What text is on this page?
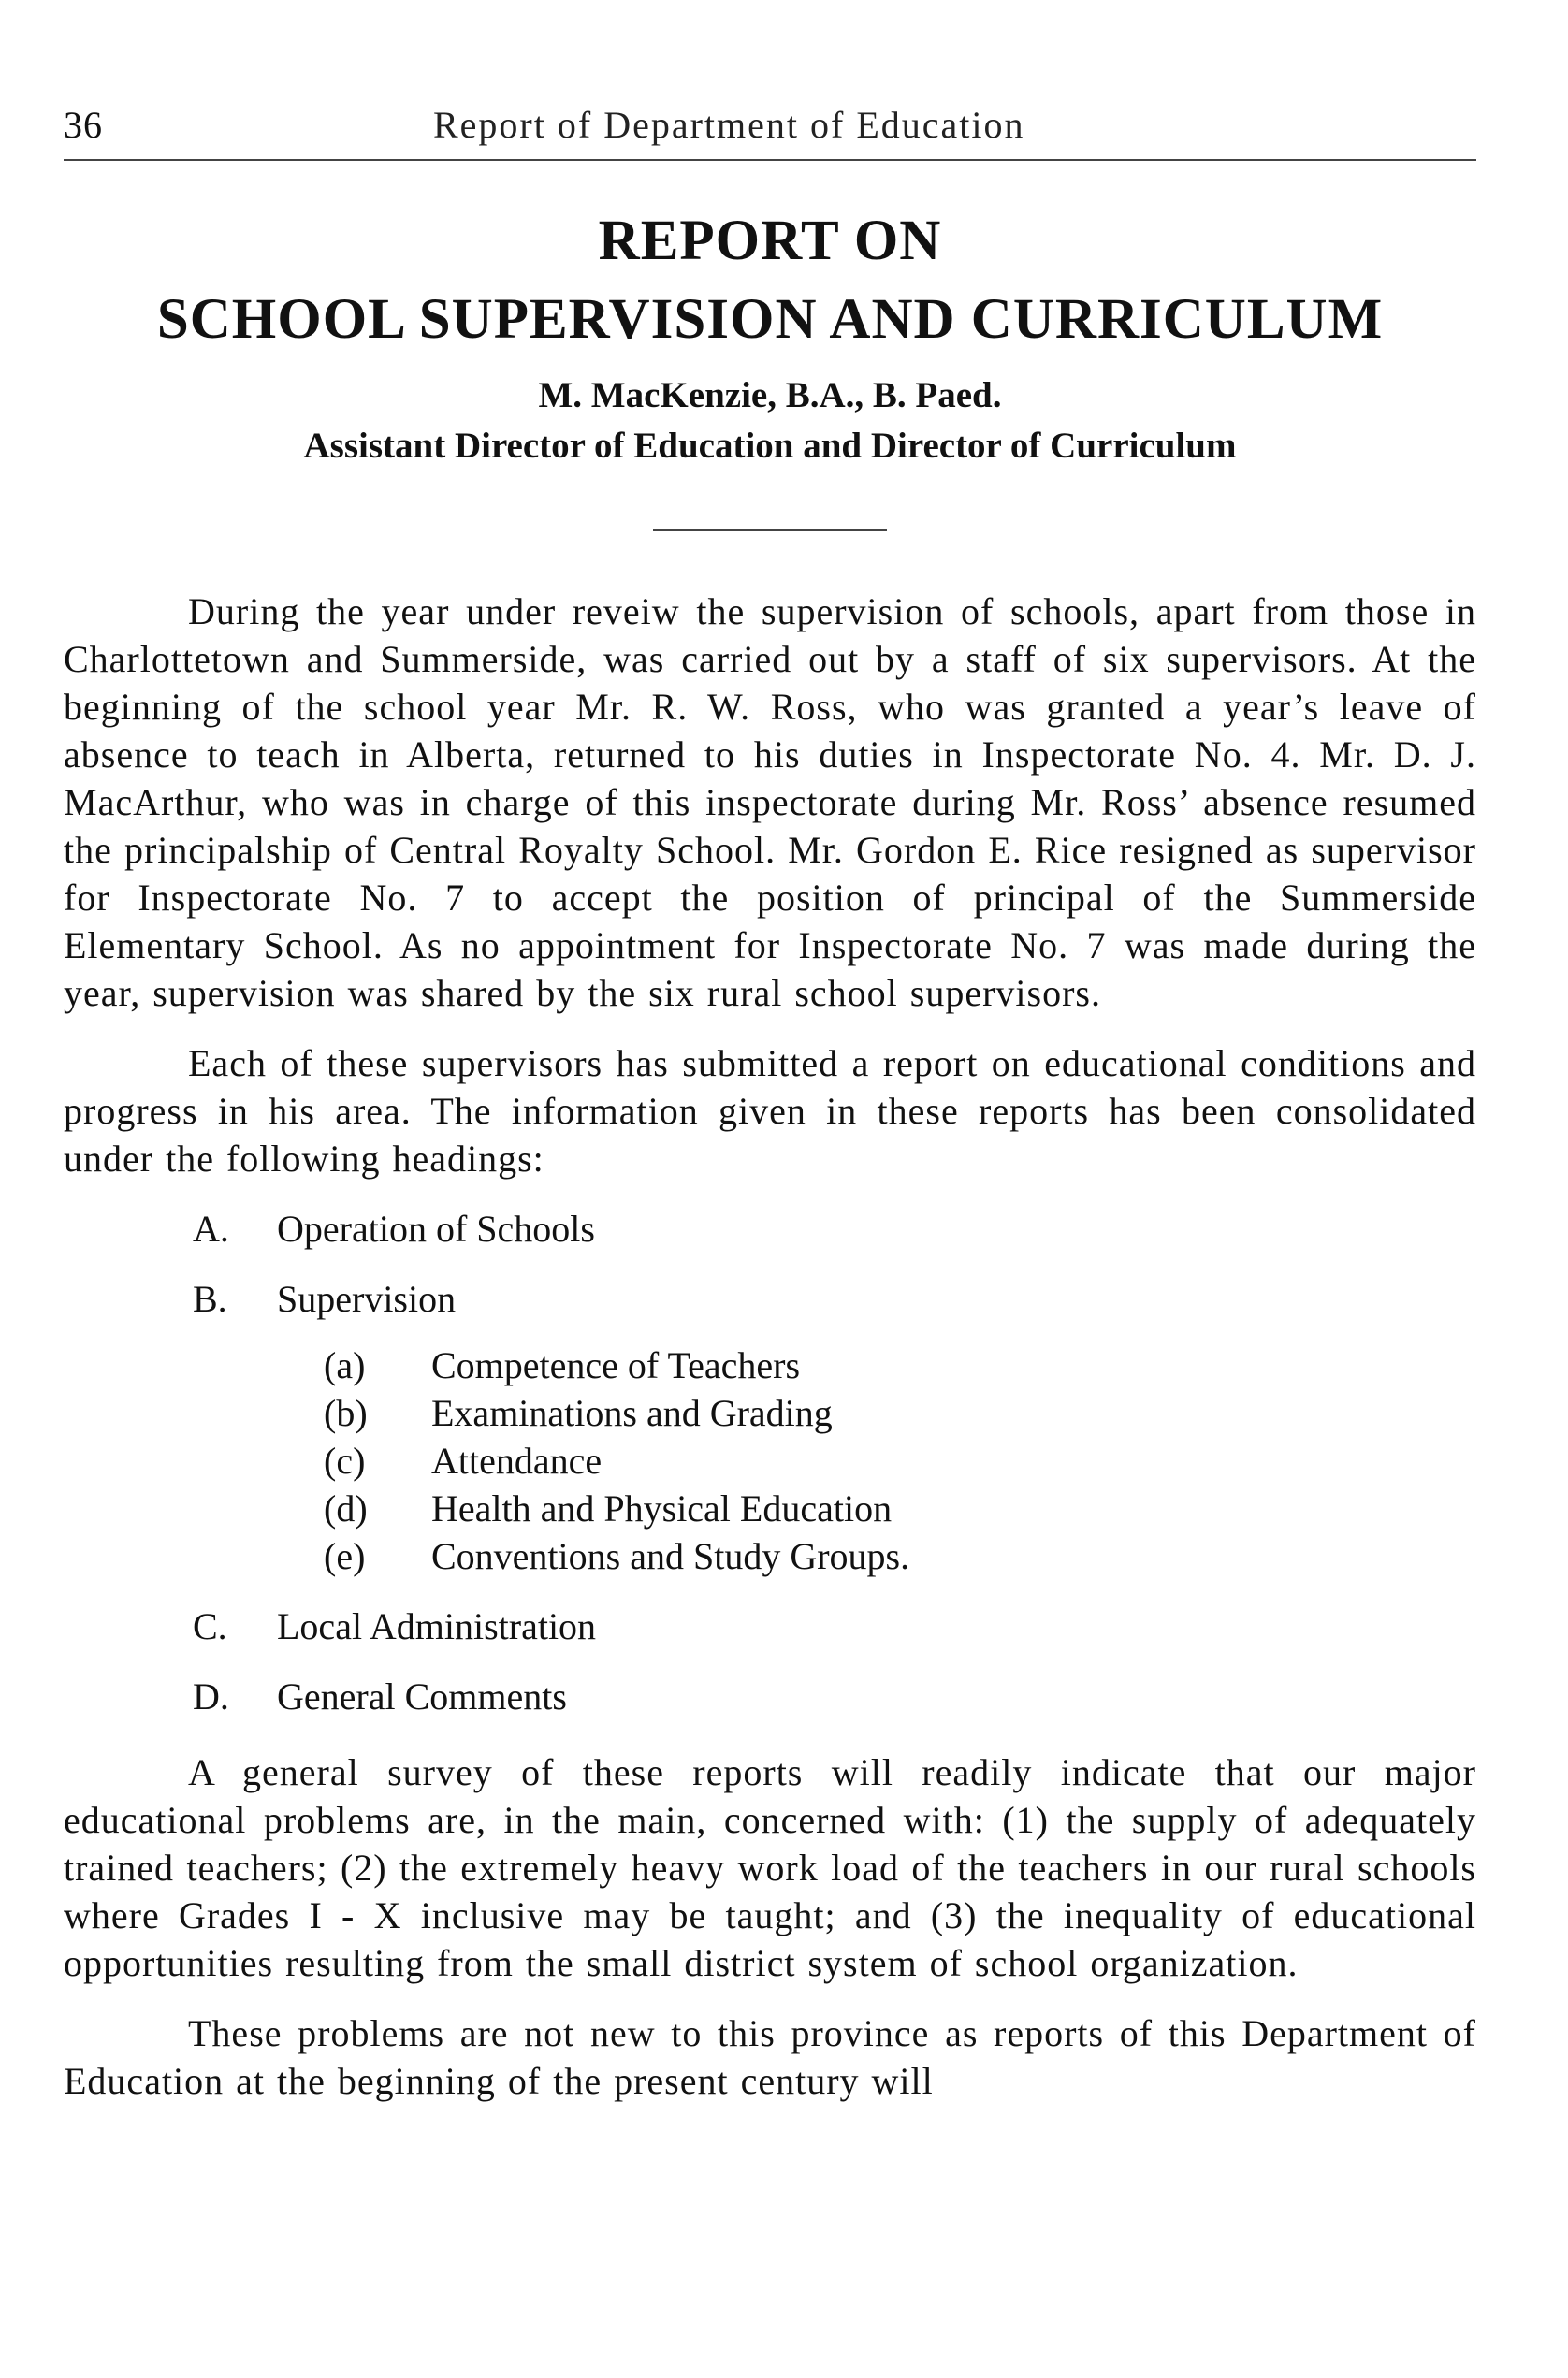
36	Report of Department of Education
REPORT ON
SCHOOL SUPERVISION AND CURRICULUM
M. MacKenzie, B.A., B. Paed.
Assistant Director of Education and Director of Curriculum

During the year under reveiw the supervision of schools, apart from those in Charlottetown and Summerside, was carried out by a staff of six supervisors. At the beginning of the school year Mr. R. W. Ross, who was granted a year’s leave of absence to teach in Alberta, returned to his duties in Inspectorate No. 4. Mr. D. J. MacArthur, who was in charge of this inspectorate during Mr. Ross’ absence resumed the principalship of Central Royalty School. Mr. Gordon E. Rice resigned as supervisor for Inspectorate No. 7 to accept the position of principal of the Summerside Elementary School. As no appointment for Inspectorate No. 7 was made during the year, supervision was shared by the six rural school supervisors.

Each of these supervisors has submitted a report on educational conditions and progress in his area. The information given in these reports has been consolidated under the following headings:

A.	Operation of Schools
B.	Supervision
(a)	Competence of Teachers
(b)	Examinations and Grading
(c)	Attendance
(d)	Health and Physical Education
(e)	Conventions and Study Groups.
C.	Local Administration
D.	General Comments

A general survey of these reports will readily indicate that our major educational problems are, in the main, concerned with: (1) the supply of adequately trained teachers; (2) the extremely heavy work load of the teachers in our rural schools where Grades I - X inclusive may be taught; and (3) the inequality of educational opportunities resulting from the small district system of school organization.

These problems are not new to this province as reports of this Department of Education at the beginning of the present century will
